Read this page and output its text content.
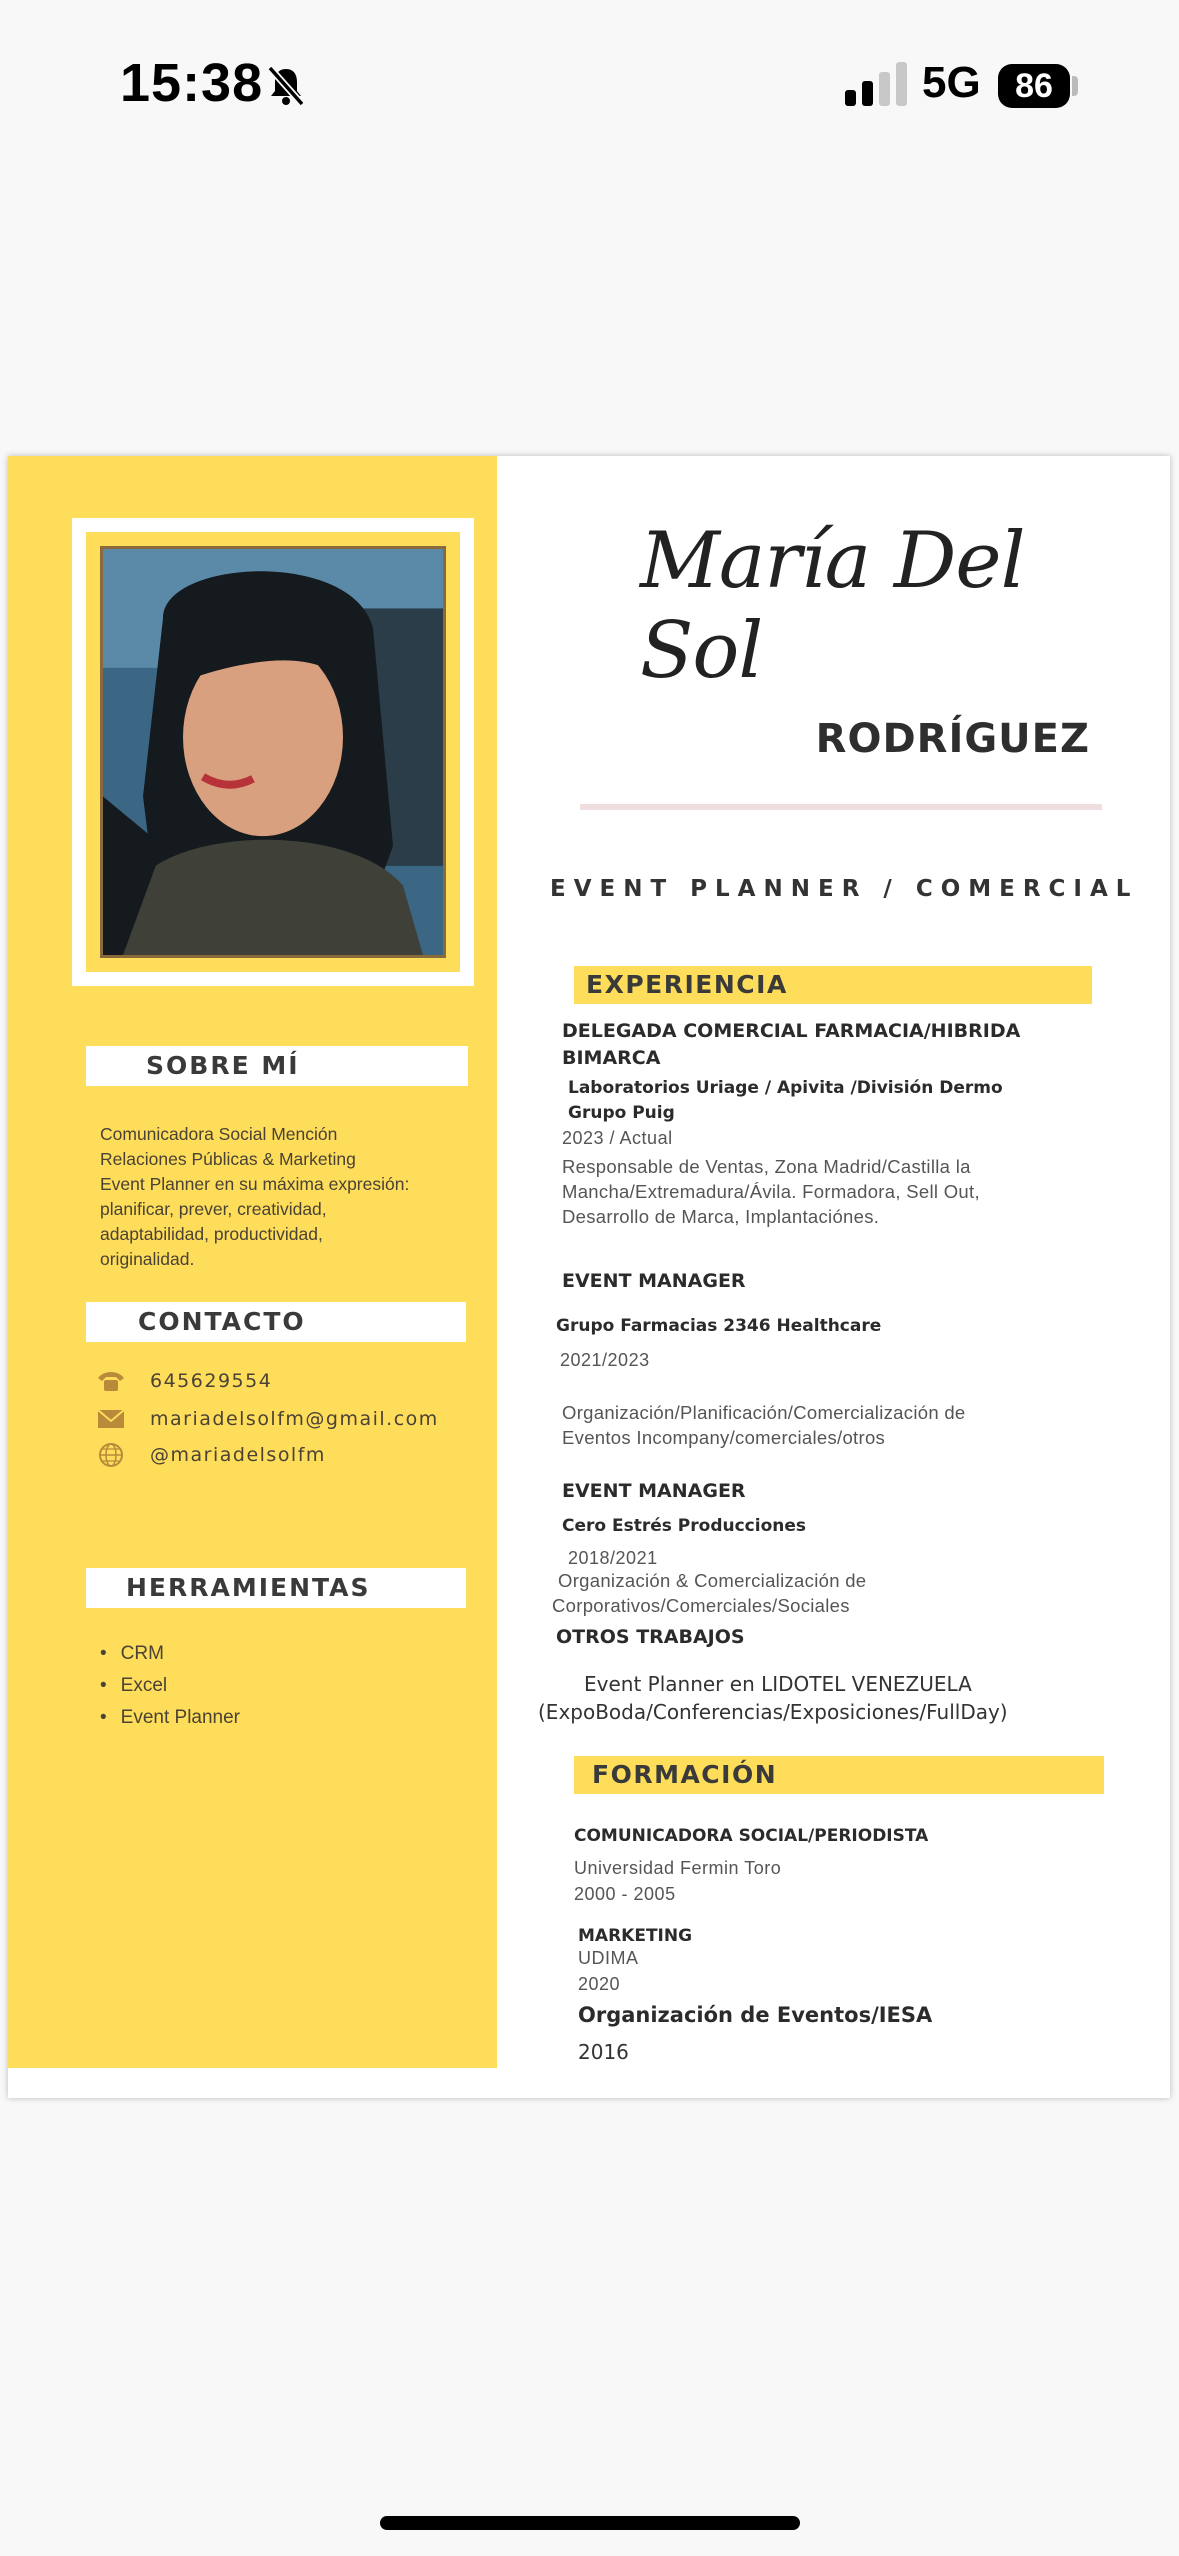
15:38	5G	86
SOBRE MÍ
Comunicadora Social Mención
Relaciones Públicas & Marketing
Event Planner en su máxima expresión:
planificar, prever, creatividad,
adaptabilidad, productividad,
originalidad.
CONTACTO
645629554
mariadelsolfm@gmail.com
@mariadelsolfm
HERRAMIENTAS
• CRM
• Excel
• Event Planner
María Del Sol
RODRÍGUEZ
EVENT PLANNER / COMERCIAL
EXPERIENCIA
DELEGADA COMERCIAL FARMACIA/HIBRIDA
BIMARCA
Laboratorios Uriage / Apivita /División Dermo
Grupo Puig
2023 / Actual
Responsable de Ventas, Zona Madrid/Castilla la
Mancha/Extremadura/Ávila. Formadora, Sell Out,
Desarrollo de Marca, Implantaciónes.
EVENT MANAGER
Grupo Farmacias 2346 Healthcare
2021/2023
Organización/Planificación/Comercialización de
Eventos Incompany/comerciales/otros
EVENT MANAGER
Cero Estrés Producciones
2018/2021
Organización & Comercialización de
Corporativos/Comerciales/Sociales
OTROS TRABAJOS
Event Planner en LIDOTEL VENEZUELA
(ExpoBoda/Conferencias/Exposiciones/FullDay)
FORMACIÓN
COMUNICADORA SOCIAL/PERIODISTA
Universidad Fermin Toro
2000 - 2005
MARKETING
UDIMA
2020
Organización de Eventos/IESA
2016
